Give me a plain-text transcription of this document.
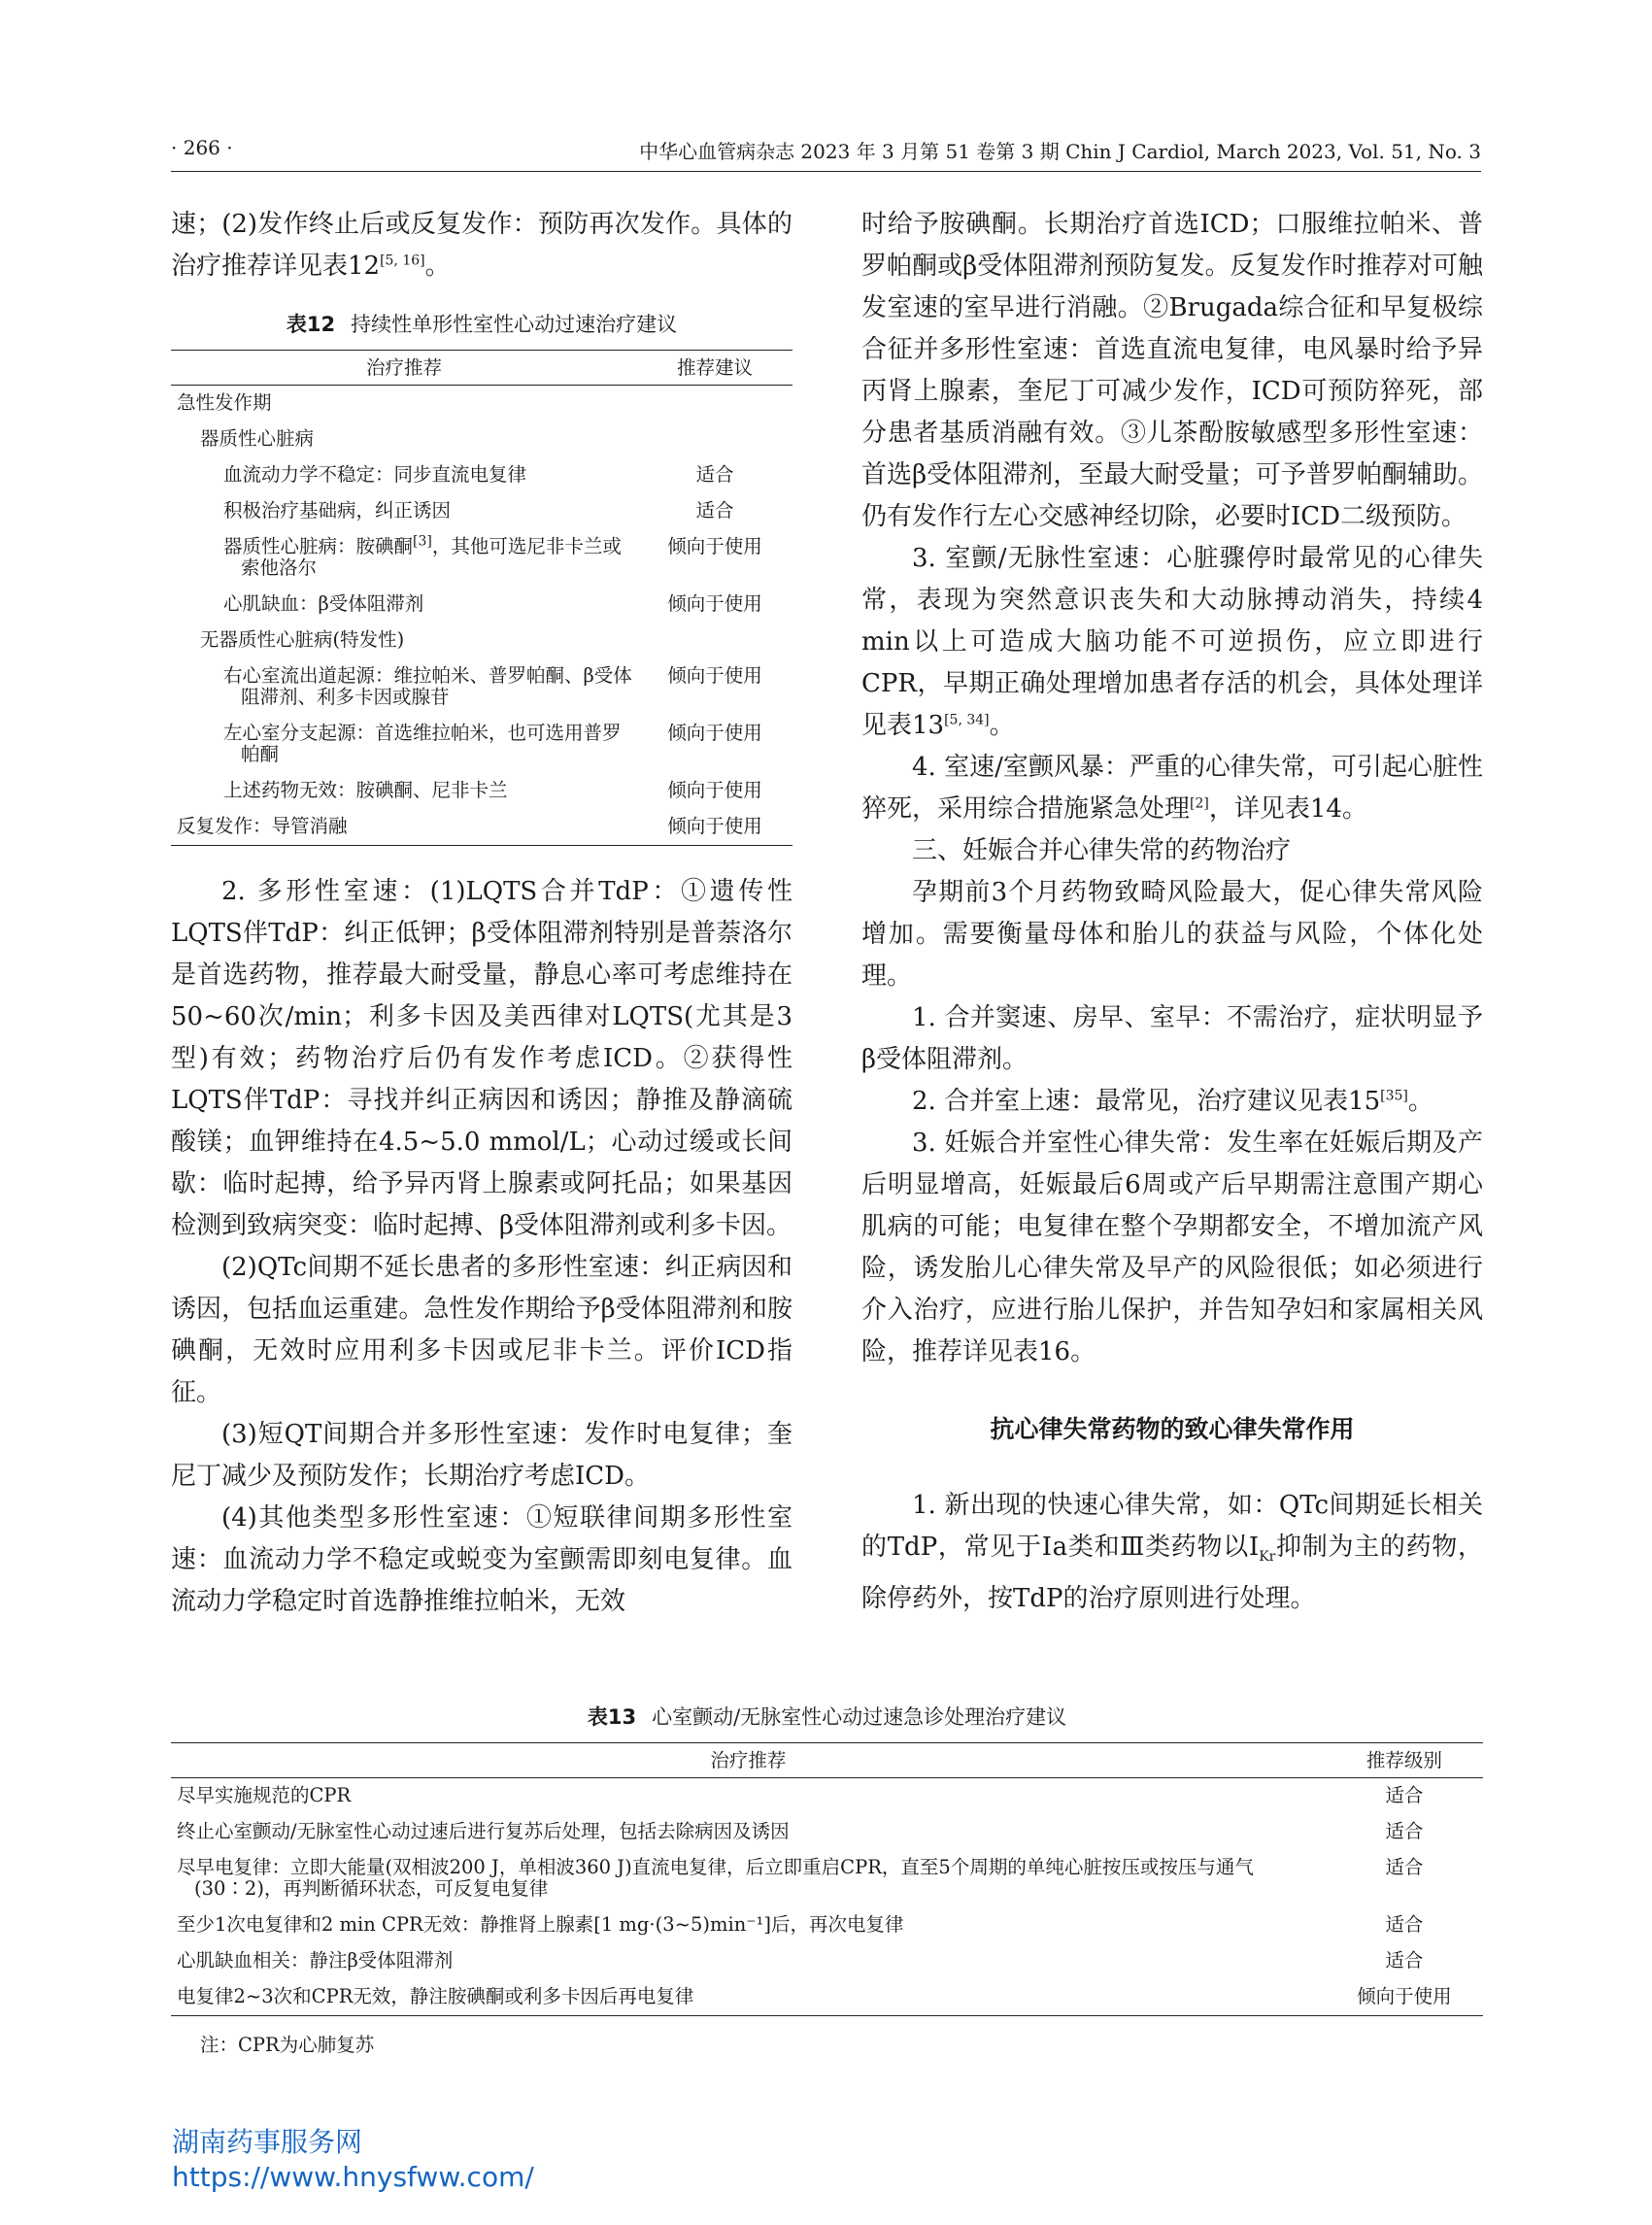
· 266 ·	中华心血管病杂志 2023 年 3 月第 51 卷第 3 期 Chin J Cardiol, March 2023, Vol. 51, No. 3

速；(2)发作终止后或反复发作：预防再次发作。具体的治疗推荐详见表12[5, 16]。

表12 持续性单形性室性心动过速治疗建议
治疗推荐	推荐建议
急性发作期	
器质性心脏病	
血流动力学不稳定：同步直流电复律	适合
积极治疗基础病，纠正诱因	适合

器质性心脏病：胺碘酮[3]，其他可选尼非卡兰或索他洛尔	倾向于使用
心肌缺血：β受体阻滞剂	倾向于使用
无器质性心脏病(特发性)	

右心室流出道起源：维拉帕米、普罗帕酮、β受体阻滞剂、利多卡因或腺苷	倾向于使用

左心室分支起源：首选维拉帕米，也可选用普罗帕酮	倾向于使用
上述药物无效：胺碘酮、尼非卡兰	倾向于使用
反复发作：导管消融	倾向于使用

2. 多形性室速：(1)LQTS合并TdP：①遗传性LQTS伴TdP：纠正低钾；β受体阻滞剂特别是普萘洛尔是首选药物，推荐最大耐受量，静息心率可考虑维持在50~60次/min；利多卡因及美西律对LQTS(尤其是3型)有效；药物治疗后仍有发作考虑ICD。②获得性LQTS伴TdP：寻找并纠正病因和诱因；静推及静滴硫酸镁；血钾维持在4.5~5.0 mmol/L；心动过缓或长间歇：临时起搏，给予异丙肾上腺素或阿托品；如果基因检测到致病突变：临时起搏、β受体阻滞剂或利多卡因。

(2)QTc间期不延长患者的多形性室速：纠正病因和诱因，包括血运重建。急性发作期给予β受体阻滞剂和胺碘酮，无效时应用利多卡因或尼非卡兰。评价ICD指征。

(3)短QT间期合并多形性室速：发作时电复律；奎尼丁减少及预防发作；长期治疗考虑ICD。

(4)其他类型多形性室速：①短联律间期多形性室速：血流动力学不稳定或蜕变为室颤需即刻电复律。血流动力学稳定时首选静推维拉帕米，无效

时给予胺碘酮。长期治疗首选ICD；口服维拉帕米、普罗帕酮或β受体阻滞剂预防复发。反复发作时推荐对可触发室速的室早进行消融。②Brugada综合征和早复极综合征并多形性室速：首选直流电复律，电风暴时给予异丙肾上腺素，奎尼丁可减少发作，ICD可预防猝死，部分患者基质消融有效。③儿茶酚胺敏感型多形性室速：首选β受体阻滞剂，至最大耐受量；可予普罗帕酮辅助。仍有发作行左心交感神经切除，必要时ICD二级预防。

3. 室颤/无脉性室速：心脏骤停时最常见的心律失常，表现为突然意识丧失和大动脉搏动消失，持续4 min以上可造成大脑功能不可逆损伤，应立即进行CPR，早期正确处理增加患者存活的机会，具体处理详见表13[5, 34]。

4. 室速/室颤风暴：严重的心律失常，可引起心脏性猝死，采用综合措施紧急处理[2]，详见表14。

三、妊娠合并心律失常的药物治疗

孕期前3个月药物致畸风险最大，促心律失常风险增加。需要衡量母体和胎儿的获益与风险，个体化处理。

1. 合并窦速、房早、室早：不需治疗，症状明显予β受体阻滞剂。

2. 合并室上速：最常见，治疗建议见表15[35]。

3. 妊娠合并室性心律失常：发生率在妊娠后期及产后明显增高，妊娠最后6周或产后早期需注意围产期心肌病的可能；电复律在整个孕期都安全，不增加流产风险，诱发胎儿心律失常及早产的风险很低；如必须进行介入治疗，应进行胎儿保护，并告知孕妇和家属相关风险，推荐详见表16。

抗心律失常药物的致心律失常作用

1. 新出现的快速心律失常，如：QTc间期延长相关的TdP，常见于Ⅰa类和Ⅲ类药物以$I_{Kr}$抑制为主的药物，除停药外，按TdP的治疗原则进行处理。

表13 心室颤动/无脉室性心动过速急诊处理治疗建议
治疗推荐	推荐级别
尽早实施规范的CPR	适合
终止心室颤动/无脉室性心动过速后进行复苏后处理，包括去除病因及诱因	适合

尽早电复律：立即大能量(双相波200 J，单相波360 J)直流电复律，后立即重启CPR，直至5个周期的单纯心脏按压或按压与通气(30∶2)，再判断循环状态，可反复电复律	适合
至少1次电复律和2 min CPR无效：静推肾上腺素[1 mg·(3~5)min⁻¹]后，再次电复律	适合
心肌缺血相关：静注β受体阻滞剂	适合
电复律2~3次和CPR无效，静注胺碘酮或利多卡因后再电复律	倾向于使用
注：CPR为心肺复苏
湖南药事服务网
https://www.hnysfww.com/
